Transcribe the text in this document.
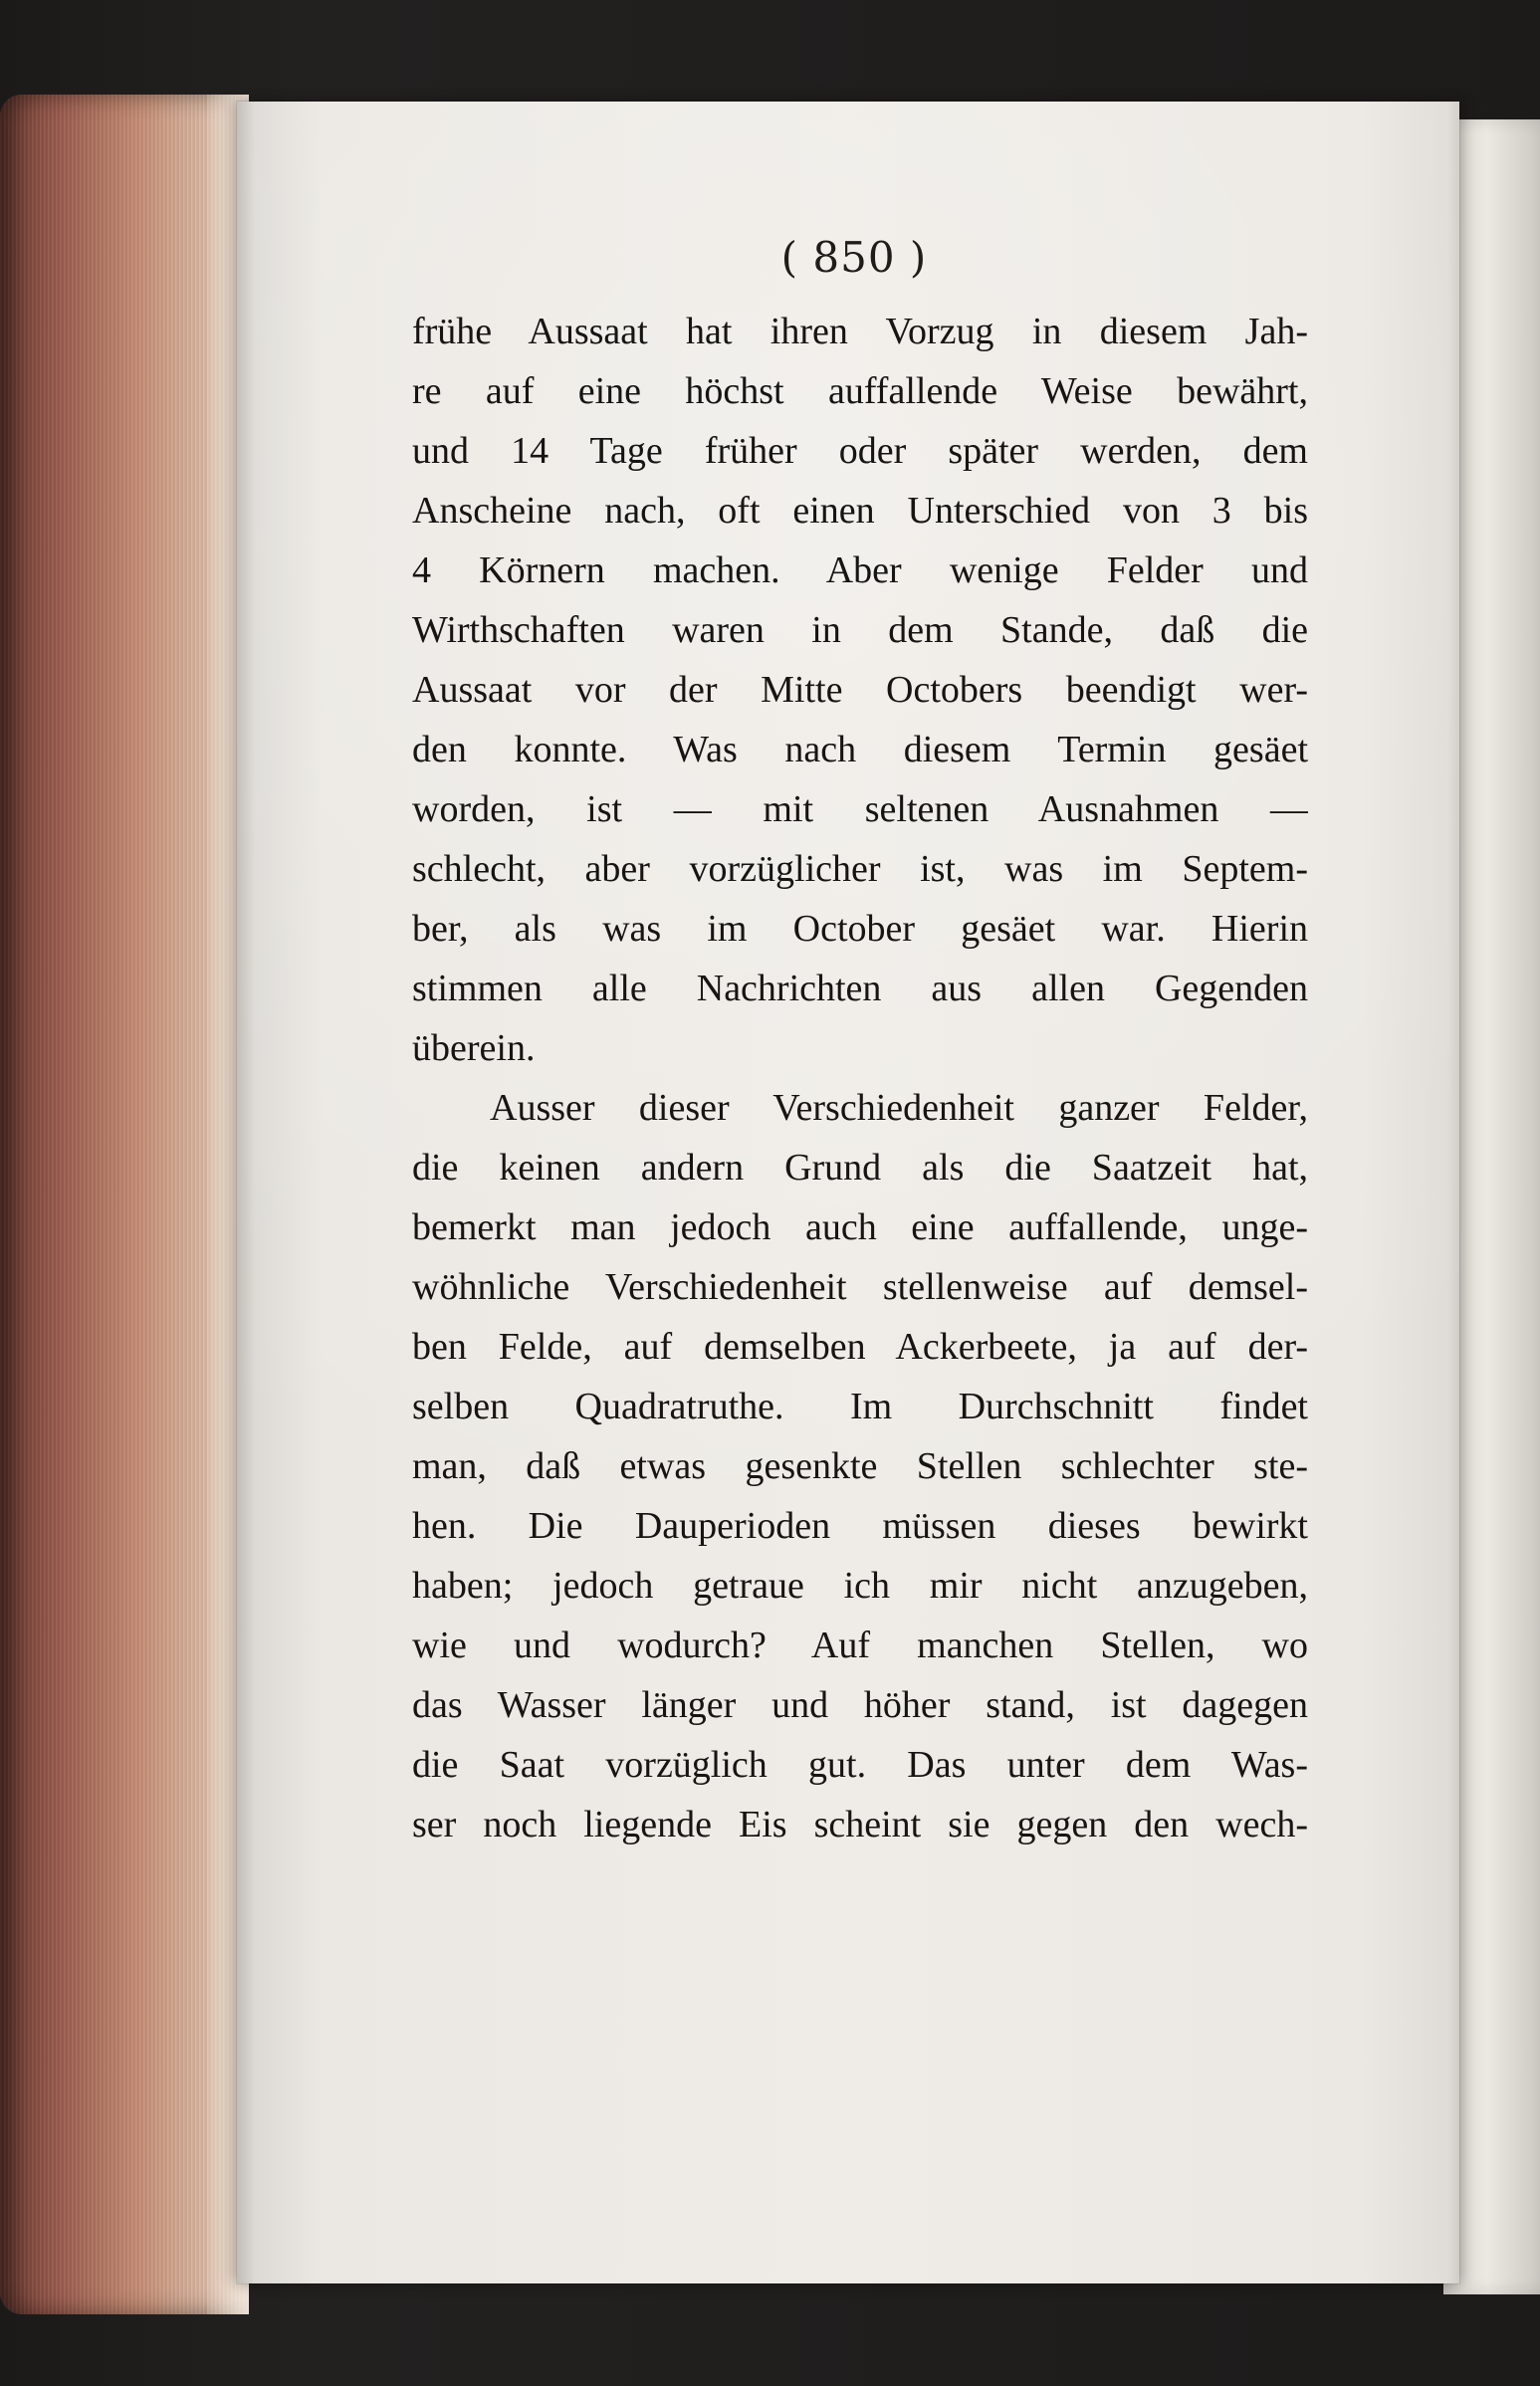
( 850 )
frühe Aussaat hat ihren Vorzug in diesem Jah-
re auf eine höchst auffallende Weise bewährt,
und 14 Tage früher oder später werden, dem
Anscheine nach, oft einen Unterschied von 3 bis
4 Körnern machen. Aber wenige Felder und
Wirthschaften waren in dem Stande, daß die
Aussaat vor der Mitte Octobers beendigt wer-
den konnte. Was nach diesem Termin gesäet
worden, ist — mit seltenen Ausnahmen —
schlecht, aber vorzüglicher ist, was im Septem-
ber, als was im October gesäet war. Hierin
stimmen alle Nachrichten aus allen Gegenden
überein.
Ausser dieser Verschiedenheit ganzer Felder,
die keinen andern Grund als die Saatzeit hat,
bemerkt man jedoch auch eine auffallende, unge-
wöhnliche Verschiedenheit stellenweise auf demsel-
ben Felde, auf demselben Ackerbeete, ja auf der-
selben Quadratruthe. Im Durchschnitt findet
man, daß etwas gesenkte Stellen schlechter ste-
hen. Die Dauperioden müssen dieses bewirkt
haben; jedoch getraue ich mir nicht anzugeben,
wie und wodurch? Auf manchen Stellen, wo
das Wasser länger und höher stand, ist dagegen
die Saat vorzüglich gut. Das unter dem Was-
ser noch liegende Eis scheint sie gegen den wech-
